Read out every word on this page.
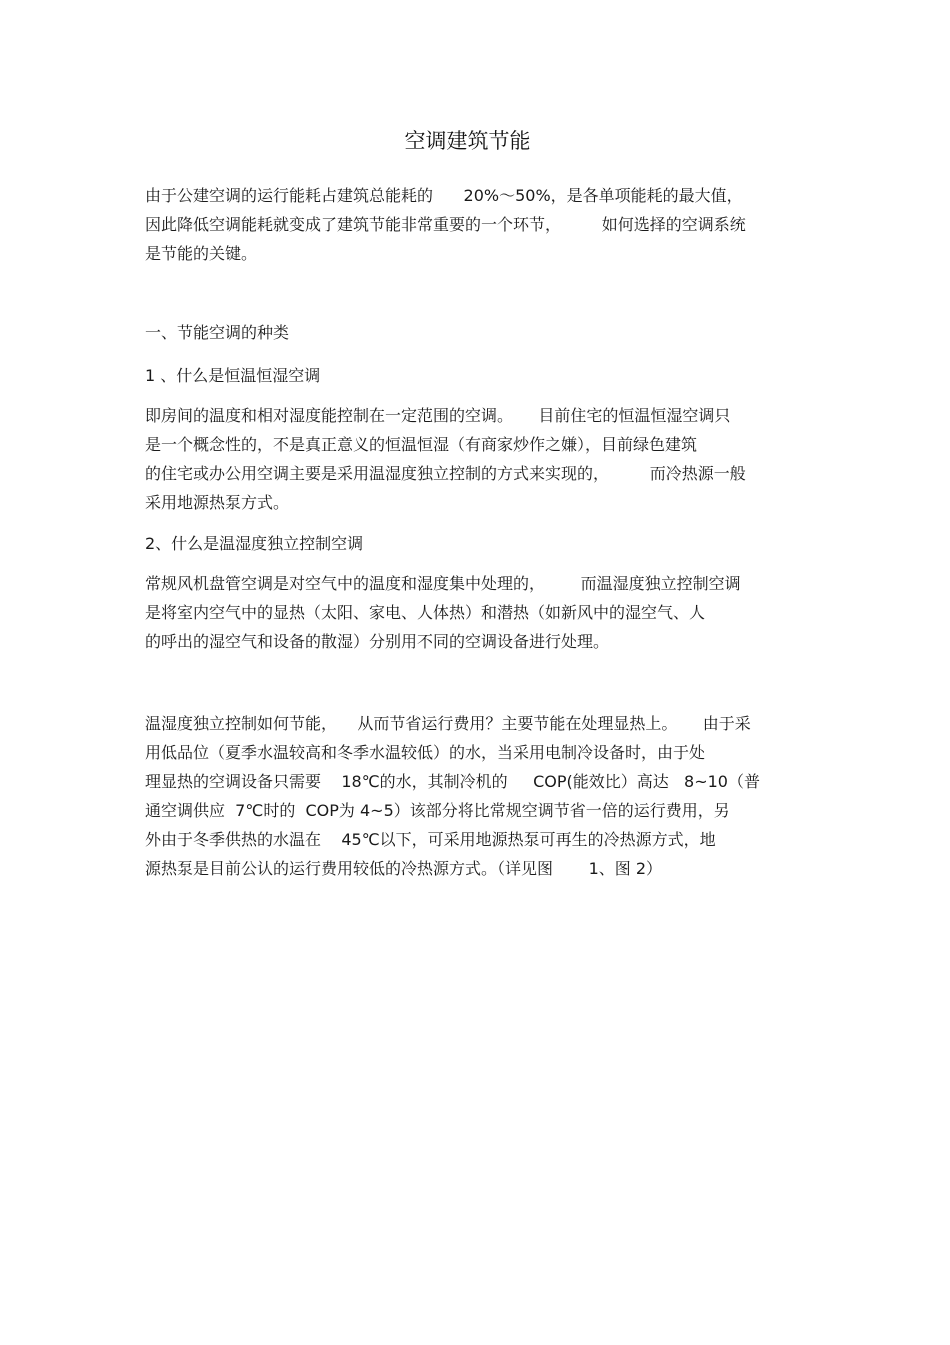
空调建筑节能
由于公建空调的运行能耗占建筑总能耗的      20%～50%，是各单项能耗的最大值，
因此降低空调能耗就变成了建筑节能非常重要的一个环节，        如何选择的空调系统
是节能的关键。
一、节能空调的种类
1 、什么是恒温恒湿空调
即房间的温度和相对湿度能控制在一定范围的空调。     目前住宅的恒温恒湿空调只
是一个概念性的，不是真正意义的恒温恒湿（有商家炒作之嫌），目前绿色建筑
的住宅或办公用空调主要是采用温湿度独立控制的方式来实现的，        而冷热源一般
采用地源热泵方式。
2、什么是温湿度独立控制空调
常规风机盘管空调是对空气中的温度和湿度集中处理的，       而温湿度独立控制空调
是将室内空气中的显热（太阳、家电、人体热）和潜热（如新风中的湿空气、人
的呼出的湿空气和设备的散湿）分别用不同的空调设备进行处理。
温湿度独立控制如何节能，    从而节省运行费用？主要节能在处理显热上。     由于采
用低品位（夏季水温较高和冬季水温较低）的水，当采用电制冷设备时，由于处
理显热的空调设备只需要    18℃的水，其制冷机的     COP(能效比）高达   8~10（普
通空调供应  7℃时的  COP为 4~5）该部分将比常规空调节省一倍的运行费用，另
外由于冬季供热的水温在    45℃以下，可采用地源热泵可再生的冷热源方式，地
源热泵是目前公认的运行费用较低的冷热源方式。（详见图       1、图 2）
